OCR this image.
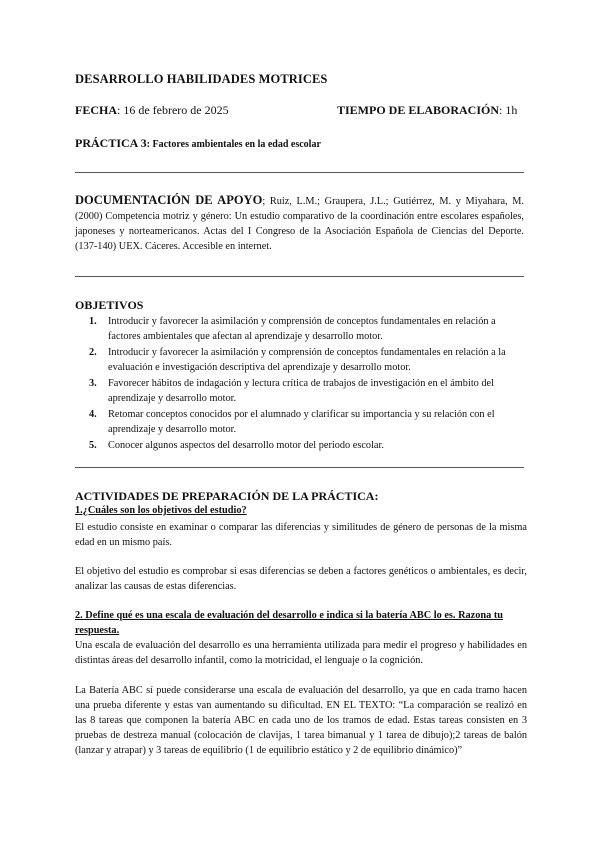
DESARROLLO HABILIDADES MOTRICES
FECHA: 16 de febrero de 2025	TIEMPO DE ELABORACIÓN: 1h
PRÁCTICA 3: Factores ambientales en la edad escolar
DOCUMENTACIÓN DE APOYO; Ruiz, L.M.; Graupera, J.L.; Gutiérrez, M. y Miyahara, M. (2000) Competencia motriz y género: Un estudio comparativo de la coordinación entre escolares españoles, japoneses y norteamericanos. Actas del I Congreso de la Asociación Española de Ciencias del Deporte. (137-140) UEX. Cáceres. Accesible en internet.
OBJETIVOS
1. Introducir y favorecer la asimilación y comprensión de conceptos fundamentales en relación a factores ambientales que afectan al aprendizaje y desarrollo motor.
2. Introducir y favorecer la asimilación y comprensión de conceptos fundamentales en relación a la evaluación e investigación descriptiva del aprendizaje y desarrollo motor.
3. Favorecer hábitos de indagación y lectura crítica de trabajos de investigación en el ámbito del aprendizaje y desarrollo motor.
4. Retomar conceptos conocidos por el alumnado y clarificar su importancia y su relación con el aprendizaje y desarrollo motor.
5. Conocer algunos aspectos del desarrollo motor del periodo escolar.
ACTIVIDADES DE PREPARACIÓN DE LA PRÁCTICA:
1.¿Cuáles son los objetivos del estudio?
El estudio consiste en examinar o comparar las diferencias y similitudes de género de personas de la misma edad en un mismo país.
El objetivo del estudio es comprobar si esas diferencias se deben a factores genéticos o ambientales, es decir, analizar las causas de estas diferencias.
2. Define qué es una escala de evaluación del desarrollo e indica si la batería ABC lo es. Razona tu respuesta.
Una escala de evaluación del desarrollo es una herramienta utilizada para medir el progreso y habilidades en distintas áreas del desarrollo infantil, como la motricidad, el lenguaje o la cognición.
La Batería ABC sí puede considerarse una escala de evaluación del desarrollo, ya que en cada tramo hacen una prueba diferente y estas van aumentando su dificultad. EN EL TEXTO: “La comparación se realizó en las 8 tareas que componen la batería ABC en cada uno de los tramos de edad. Estas tareas consisten en 3 pruebas de destreza manual (colocación de clavijas, 1 tarea bimanual y 1 tarea de dibujo);2 tareas de balón (lanzar y atrapar) y 3 tareas de equilibrio (1 de equilibrio estático y 2 de equilibrio dinámico)”
